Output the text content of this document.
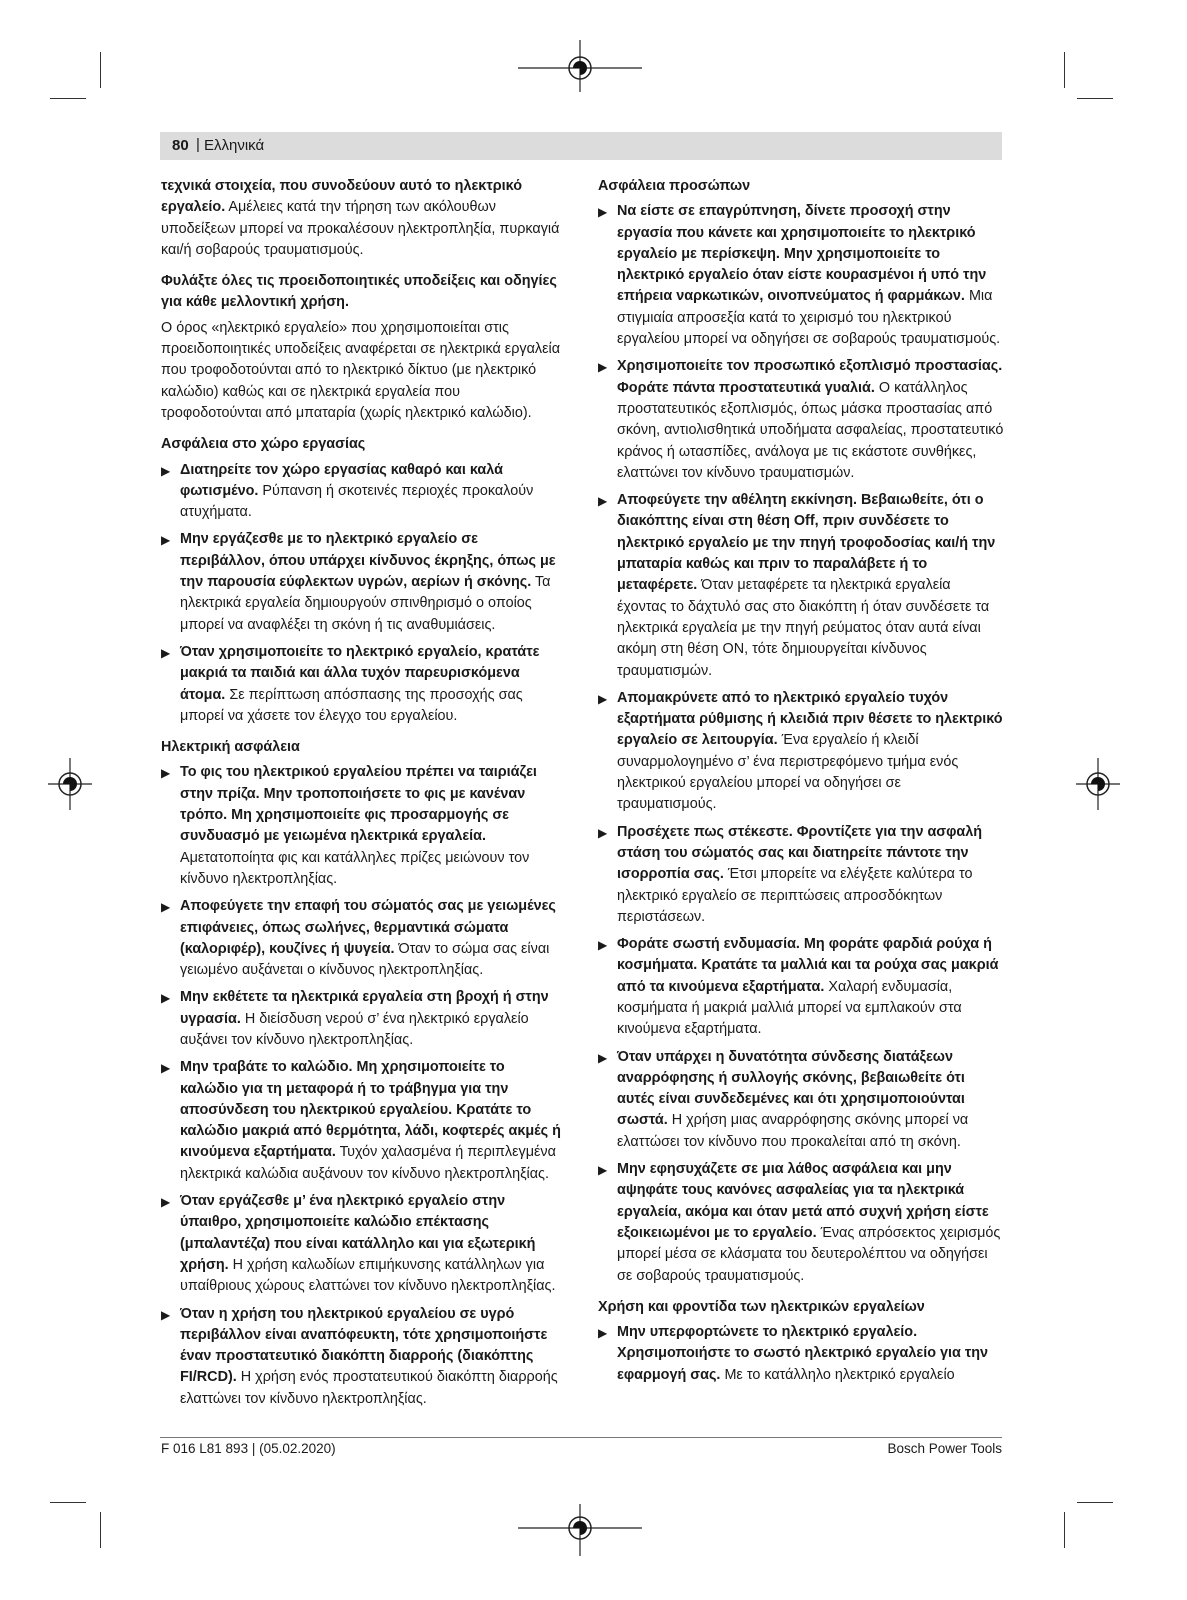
80 | Ελληνικά

τεχνικά στοιχεία, που συνοδεύουν αυτό το ηλεκτρικό εργαλείο. Αμέλειες κατά την τήρηση των ακόλουθων υποδείξεων μπορεί να προκαλέσουν ηλεκτροπληξία, πυρκαγιά και/ή σοβαρούς τραυματισμούς.

Φυλάξτε όλες τις προειδοποιητικές υποδείξεις και οδηγίες για κάθε μελλοντική χρήση.

Ο όρος «ηλεκτρικό εργαλείο» που χρησιμοποιείται στις προειδοποιητικές υποδείξεις αναφέρεται σε ηλεκτρικά εργαλεία που τροφοδοτούνται από το ηλεκτρικό δίκτυο (με ηλεκτρικό καλώδιο) καθώς και σε ηλεκτρικά εργαλεία που τροφοδοτούνται από μπαταρία (χωρίς ηλεκτρικό καλώδιο).

Ασφάλεια στο χώρο εργασίας
▶ Διατηρείτε τον χώρο εργασίας καθαρό και καλά φωτισμένο. Ρύπανση ή σκοτεινές περιοχές προκαλούν ατυχήματα.
▶ Μην εργάζεσθε με το ηλεκτρικό εργαλείο σε περιβάλλον, όπου υπάρχει κίνδυνος έκρηξης, όπως με την παρουσία εύφλεκτων υγρών, αερίων ή σκόνης. Τα ηλεκτρικά εργαλεία δημιουργούν σπινθηρισμό ο οποίος μπορεί να αναφλέξει τη σκόνη ή τις αναθυμιάσεις.
▶ Όταν χρησιμοποιείτε το ηλεκτρικό εργαλείο, κρατάτε μακριά τα παιδιά και άλλα τυχόν παρευρισκόμενα άτομα. Σε περίπτωση απόσπασης της προσοχής σας μπορεί να χάσετε τον έλεγχο του εργαλείου.
Ηλεκτρική ασφάλεια
▶ Το φις του ηλεκτρικού εργαλείου πρέπει να ταιριάζει στην πρίζα. Μην τροποποιήσετε το φις με κανέναν τρόπο. Μη χρησιμοποιείτε φις προσαρμογής σε συνδυασμό με γειωμένα ηλεκτρικά εργαλεία. Αμετατοποίητα φις και κατάλληλες πρίζες μειώνουν τον κίνδυνο ηλεκτροπληξίας.
▶ Αποφεύγετε την επαφή του σώματός σας με γειωμένες επιφάνειες, όπως σωλήνες, θερμαντικά σώματα (καλοριφέρ), κουζίνες ή ψυγεία. Όταν το σώμα σας είναι γειωμένο αυξάνεται ο κίνδυνος ηλεκτροπληξίας.
▶ Μην εκθέτετε τα ηλεκτρικά εργαλεία στη βροχή ή στην υγρασία. Η διείσδυση νερού σ’ ένα ηλεκτρικό εργαλείο αυξάνει τον κίνδυνο ηλεκτροπληξίας.
▶ Μην τραβάτε το καλώδιο. Μη χρησιμοποιείτε το καλώδιο για τη μεταφορά ή το τράβηγμα για την αποσύνδεση του ηλεκτρικού εργαλείου. Κρατάτε το καλώδιο μακριά από θερμότητα, λάδι, κοφτερές ακμές ή κινούμενα εξαρτήματα. Τυχόν χαλασμένα ή περιπλεγμένα ηλεκτρικά καλώδια αυξάνουν τον κίνδυνο ηλεκτροπληξίας.
▶ Όταν εργάζεσθε μ’ ένα ηλεκτρικό εργαλείο στην ύπαιθρο, χρησιμοποιείτε καλώδιο επέκτασης (μπαλαντέζα) που είναι κατάλληλο και για εξωτερική χρήση. Η χρήση καλωδίων επιμήκυνσης κατάλληλων για υπαίθριους χώρους ελαττώνει τον κίνδυνο ηλεκτροπληξίας.
▶ Όταν η χρήση του ηλεκτρικού εργαλείου σε υγρό περιβάλλον είναι αναπόφευκτη, τότε χρησιμοποιήστε έναν προστατευτικό διακόπτη διαρροής (διακόπτης FI/RCD). Η χρήση ενός προστατευτικού διακόπτη διαρροής ελαττώνει τον κίνδυνο ηλεκτροπληξίας.
Ασφάλεια προσώπων
▶ Να είστε σε επαγρύπνηση, δίνετε προσοχή στην εργασία που κάνετε και χρησιμοποιείτε το ηλεκτρικό εργαλείο με περίσκεψη. Μην χρησιμοποιείτε το ηλεκτρικό εργαλείο όταν είστε κουρασμένοι ή υπό την επήρεια ναρκωτικών, οινοπνεύματος ή φαρμάκων. Μια στιγμιαία απροσεξία κατά το χειρισμό του ηλεκτρικού εργαλείου μπορεί να οδηγήσει σε σοβαρούς τραυματισμούς.
▶ Χρησιμοποιείτε τον προσωπικό εξοπλισμό προστασίας. Φοράτε πάντα προστατευτικά γυαλιά. Ο κατάλληλος προστατευτικός εξοπλισμός, όπως μάσκα προστασίας από σκόνη, αντιολισθητικά υποδήματα ασφαλείας, προστατευτικό κράνος ή ωτασπίδες, ανάλογα με τις εκάστοτε συνθήκες, ελαττώνει τον κίνδυνο τραυματισμών.
▶ Αποφεύγετε την αθέλητη εκκίνηση. Βεβαιωθείτε, ότι ο διακόπτης είναι στη θέση Off, πριν συνδέσετε το ηλεκτρικό εργαλείο με την πηγή τροφοδοσίας και/ή την μπαταρία καθώς και πριν το παραλάβετε ή το μεταφέρετε. Όταν μεταφέρετε τα ηλεκτρικά εργαλεία έχοντας το δάχτυλό σας στο διακόπτη ή όταν συνδέσετε τα ηλεκτρικά εργαλεία με την πηγή ρεύματος όταν αυτά είναι ακόμη στη θέση ON, τότε δημιουργείται κίνδυνος τραυματισμών.
▶ Απομακρύνετε από το ηλεκτρικό εργαλείο τυχόν εξαρτήματα ρύθμισης ή κλειδιά πριν θέσετε το ηλεκτρικό εργαλείο σε λειτουργία. Ένα εργαλείο ή κλειδί συναρμολογημένο σ’ ένα περιστρεφόμενο τμήμα ενός ηλεκτρικού εργαλείου μπορεί να οδηγήσει σε τραυματισμούς.
▶ Προσέχετε πως στέκεστε. Φροντίζετε για την ασφαλή στάση του σώματός σας και διατηρείτε πάντοτε την ισορροπία σας. Έτσι μπορείτε να ελέγξετε καλύτερα το ηλεκτρικό εργαλείο σε περιπτώσεις απροσδόκητων περιστάσεων.
▶ Φοράτε σωστή ενδυμασία. Μη φοράτε φαρδιά ρούχα ή κοσμήματα. Κρατάτε τα μαλλιά και τα ρούχα σας μακριά από τα κινούμενα εξαρτήματα. Χαλαρή ενδυμασία, κοσμήματα ή μακριά μαλλιά μπορεί να εμπλακούν στα κινούμενα εξαρτήματα.
▶ Όταν υπάρχει η δυνατότητα σύνδεσης διατάξεων αναρρόφησης ή συλλογής σκόνης, βεβαιωθείτε ότι αυτές είναι συνδεδεμένες και ότι χρησιμοποιούνται σωστά. Η χρήση μιας αναρρόφησης σκόνης μπορεί να ελαττώσει τον κίνδυνο που προκαλείται από τη σκόνη.
▶ Μην εφησυχάζετε σε μια λάθος ασφάλεια και μην αψηφάτε τους κανόνες ασφαλείας για τα ηλεκτρικά εργαλεία, ακόμα και όταν μετά από συχνή χρήση είστε εξοικειωμένοι με το εργαλείο. Ένας απρόσεκτος χειρισμός μπορεί μέσα σε κλάσματα του δευτερολέπτου να οδηγήσει σε σοβαρούς τραυματισμούς.
Χρήση και φροντίδα των ηλεκτρικών εργαλείων
▶ Μην υπερφορτώνετε το ηλεκτρικό εργαλείο. Χρησιμοποιήστε το σωστό ηλεκτρικό εργαλείο για την εφαρμογή σας. Με το κατάλληλο ηλεκτρικό εργαλείο
F 016 L81 893 | (05.02.2020)	Bosch Power Tools
